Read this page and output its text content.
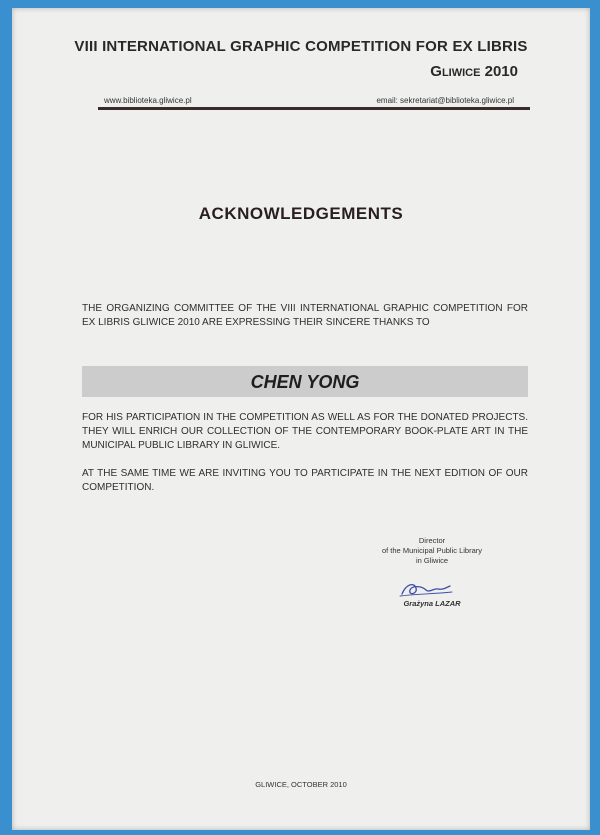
VIII INTERNATIONAL GRAPHIC COMPETITION FOR EX LIBRIS
Gliwice 2010
www.biblioteka.gliwice.pl	email: sekretariat@biblioteka.gliwice.pl
ACKNOWLEDGEMENTS
THE ORGANIZING COMMITTEE OF THE VIII INTERNATIONAL GRAPHIC COMPETITION FOR EX LIBRIS GLIWICE 2010 ARE EXPRESSING THEIR SINCERE THANKS TO
CHEN YONG
FOR HIS PARTICIPATION IN THE COMPETITION AS WELL AS FOR THE DONATED PROJECTS. THEY WILL ENRICH OUR COLLECTION OF THE CONTEMPORARY BOOK-PLATE ART IN THE MUNICIPAL PUBLIC LIBRARY IN GLIWICE.
AT THE SAME TIME WE ARE INVITING YOU TO PARTICIPATE IN THE NEXT EDITION OF OUR COMPETITION.
Director
of the Municipal Public Library
in Gliwice
Grażyna LAZAR
GLIWICE, OCTOBER 2010
